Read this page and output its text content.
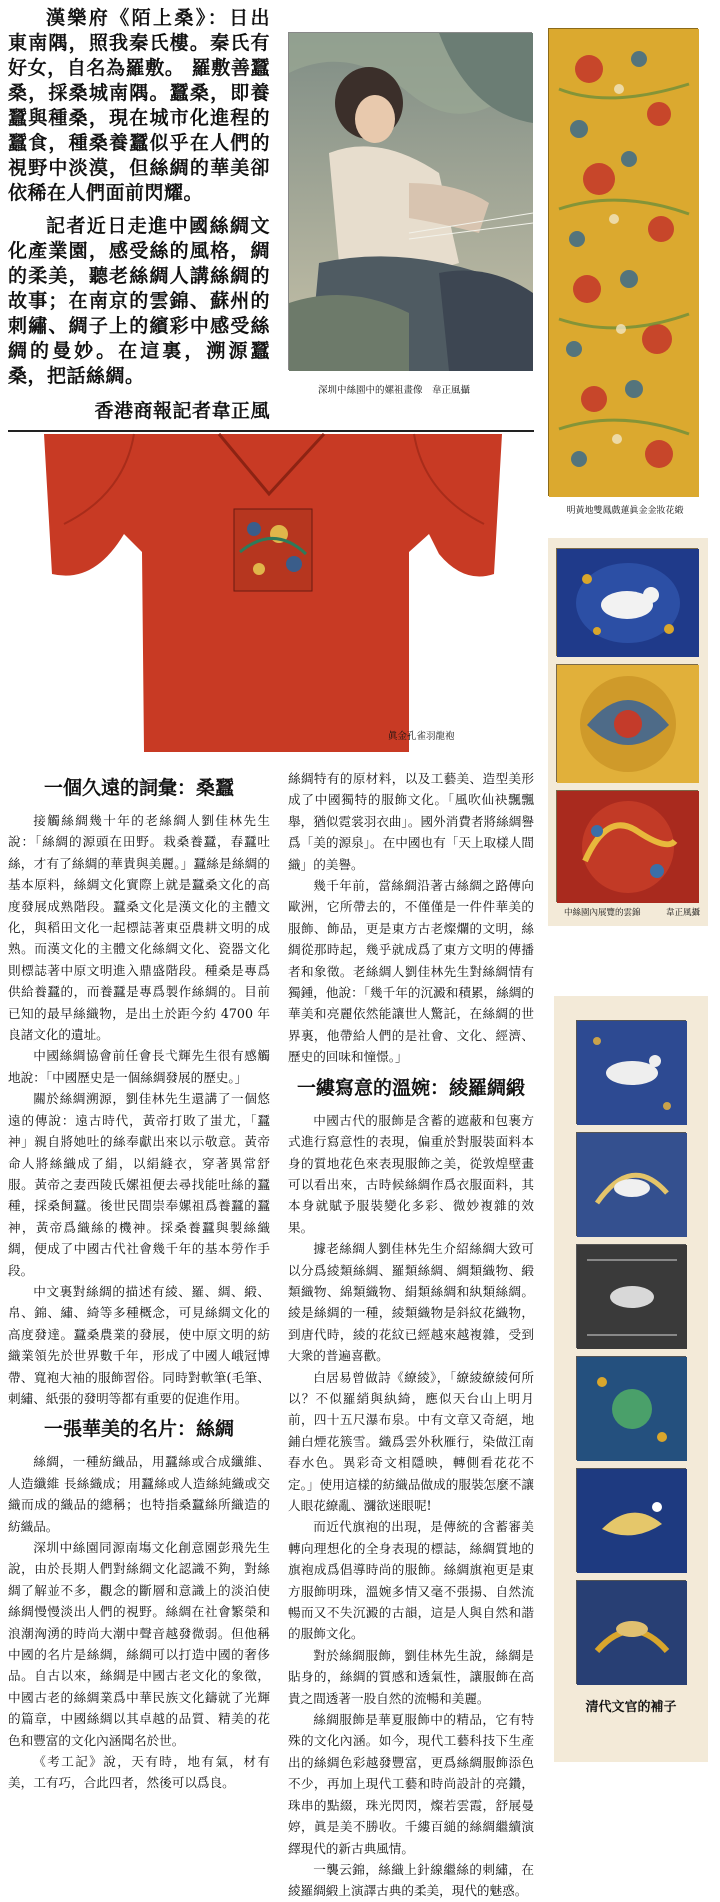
漢樂府《陌上桑》：日出東南隅，照我秦氏樓。秦氏有好女，自名為羅敷。 羅敷善蠶桑，採桑城南隅。蠶桑，即養蠶與種桑，現在城市化進程的蠶食，種桑養蠶似乎在人們的視野中淡漠，但絲綢的華美卻依稀在人們面前閃耀。

記者近日走進中國絲綢文化產業園，感受絲的風格，綢的柔美，聽老絲綢人講絲綢的故事；在南京的雲錦、蘇州的刺繡、綢子上的繽彩中感受絲綢的曼妙。在這裏，溯源蠶桑，把話絲綢。

香港商報記者韋正風
深圳中絲園中的嫘祖畫像　韋正風攝
明黃地雙鳳戲蓮眞金金妝花緞
眞金孔雀羽龍袍
中絲園內展覽的雲錦　　　韋正風攝
一個久遠的詞彙：桑蠶

接觸絲綢幾十年的老絲綢人劉佳林先生說：「絲綢的源頭在田野。栽桑養蠶，春蠶吐絲，才有了絲綢的華貴與美麗。」蠶絲是絲綢的基本原料，絲綢文化實際上就是蠶桑文化的高度發展成熟階段。蠶桑文化是漢文化的主體文化，與稻田文化一起標誌著東亞農耕文明的成熟。而漢文化的主體文化絲綢文化、瓷器文化則標誌著中原文明進入鼎盛階段。種桑是專爲供給養蠶的，而養蠶是專爲製作絲綢的。目前已知的最早絲織物，是出土於距今約 4700 年良諸文化的遺址。

中國絲綢協會前任會長弋輝先生很有感觸地說：「中國歷史是一個絲綢發展的歷史。」

關於絲綢溯源，劉佳林先生還講了一個悠遠的傳說：遠古時代，黃帝打敗了蚩尤，「蠶神」親自將她吐的絲奉獻出來以示敬意。黃帝命人將絲織成了絹，以絹縫衣，穿著異常舒服。黃帝之妻西陵氏嫘祖便去尋找能吐絲的蠶種，採桑飼蠶。後世民間崇奉嫘祖爲養蠶的蠶神，黃帝爲織絲的機神。採桑養蠶與製絲織綢，便成了中國古代社會幾千年的基本勞作手段。

中文裏對絲綢的描述有綾、羅、綢、緞、帛、錦、繡、綺等多種概念，可見絲綢文化的高度發達。蠶桑農業的發展，使中原文明的紡織業領先於世界數千年，形成了中國人峨冠博帶、寬袍大袖的服飾習俗。同時對軟筆(毛筆、刺繡、紙張的發明等都有重要的促進作用。

一張華美的名片：絲綢

絲綢，一種紡織品，用蠶絲或合成纖維、人造纖維 長絲織成；用蠶絲或人造絲純織或交織而成的織品的總稱；也特指桑蠶絲所織造的紡織品。

深圳中絲園同源南塲文化創意園彭飛先生說，由於長期人們對絲綢文化認識不夠，對絲綢了解並不多，觀念的斷層和意識上的淡泊使絲綢慢慢淡出人們的視野。絲綢在社會繁榮和浪潮洶湧的時尚大潮中聲音越發微弱。但他稱中國的名片是絲綢，絲綢可以打造中國的奢侈品。自古以來，絲綢是中國古老文化的象徵，中國古老的絲綢業爲中華民族文化鑄就了光輝的篇章，中國絲綢以其卓越的品質、精美的花色和豐富的文化內涵聞名於世。

《考工記》說，天有時，地有氣，材有美，工有巧，合此四者，然後可以爲良。

絲綢特有的原材料，以及工藝美、造型美形成了中國獨特的服飾文化。「風吹仙袂飄飄舉，猶似霓裳羽衣曲」。國外消費者將絲綢譽爲「美的源泉」。在中國也有「天上取樣人間織」的美譽。

幾千年前，當絲綢沿著古絲綢之路傳向歐洲，它所帶去的，不僅僅是一件件華美的服飾、飾品，更是東方古老燦爛的文明，絲綢從那時起，幾乎就成爲了東方文明的傳播者和象徵。老絲綢人劉佳林先生對絲綢情有獨鍾，他說：「幾千年的沉澱和積累，絲綢的華美和亮麗依然能讓世人驚託，在絲綢的世界裏，他帶給人們的是社會、文化、經濟、歷史的回味和憧憬。」

一縷寫意的溫婉：綾羅綢緞

中國古代的服飾是含蓄的遮蔽和包裹方式進行寫意性的表現，偏重於對服裝面料本身的質地花色來表現服飾之美，從敦煌壁畫可以看出來，古時候絲綢作爲衣服面料，其本身就賦予服裝變化多彩、微妙複雜的效果。

據老絲綢人劉佳林先生介紹絲綢大致可以分爲綾類絲綢、羅類絲綢、綢類織物、緞類織物、綿類織物、絹類絲綢和紈類絲綢。綾是絲綢的一種，綾類織物是斜紋花織物，到唐代時，綾的花紋已經越來越複雜，受到大衆的普遍喜歡。

白居易曾做詩《繚綾》，「繚綾繚綾何所以？不似羅綃與紈綺，應似天台山上明月前，四十五尺瀑布泉。中有文章又奇絕，地鋪白煙花簇雪。織爲雲外秋雁行，染做江南春水色。異彩奇文相隱映，轉側看花花不定。」使用這樣的紡織品做成的服裝怎麼不讓人眼花繚亂、瀰欲迷眼呢!

而近代旗袍的出現，是傳統的含蓄審美轉向理想化的全身表現的標誌，絲綢質地的旗袍成爲倡導時尚的服飾。絲綢旗袍更是東方服飾明珠，溫婉多情又毫不張揚、自然流暢而又不失沉澱的古韻，這是人與自然和諧的服飾文化。

對於絲綢服飾，劉佳林先生說，絲綢是貼身的，絲綢的質感和透氣性，讓服飾在高貴之間透著一股自然的流暢和美麗。

絲綢服飾是華夏服飾中的精品，它有特殊的文化內涵。如今，現代工藝科技下生產出的絲綢色彩越發豐富，更爲絲綢服飾添色不少，再加上現代工藝和時尚設計的亮鑽，珠串的點綴，珠光閃閃，燦若雲霞，舒展曼婷，眞是美不勝收。千縷百縋的絲綢繼續演繹現代的新古典風情。

一襲云錦，絲織上針線繼絲的刺繡，在綾羅綢緞上演譯古典的柔美，現代的魅惑。

清代文官的補子
